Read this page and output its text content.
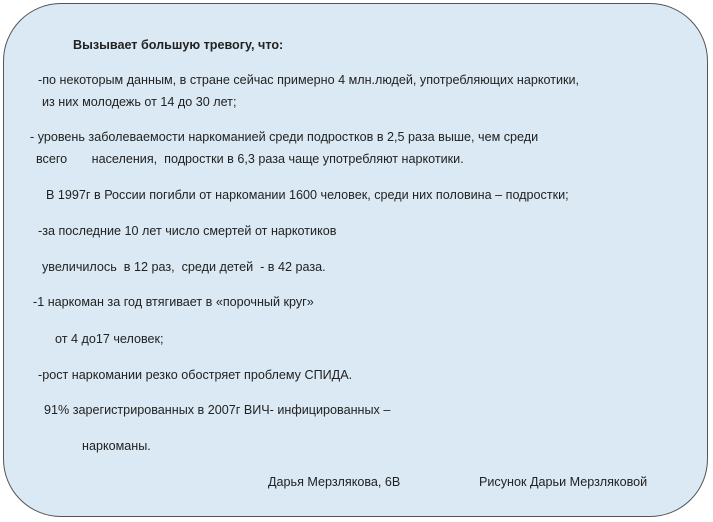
Вызывает большую тревогу, что:

-по некоторым данным, в стране сейчас примерно 4 млн.людей, употребляющих наркотики,

из них молодежь от 14 до 30 лет;

- уровень заболеваемости наркоманией среди подростков в 2,5 раза выше, чем среди

всего       населения,  подростки в 6,3 раза чаще употребляют наркотики.

В 1997г в России погибли от наркомании 1600 человек, среди них половина – подростки;

-за последние 10 лет число смертей от наркотиков

увеличилось  в 12 раз,  среди детей  - в 42 раза.

-1 наркоман за год втягивает в «порочный круг»

от 4 до17 человек;

-рост наркомании резко обостряет проблему СПИДА.

91% зарегистрированных в 2007г ВИЧ- инфицированных –

наркоманы.

Дарья Мерзлякова, 6В	Рисунок Дарьи Мерзляковой
